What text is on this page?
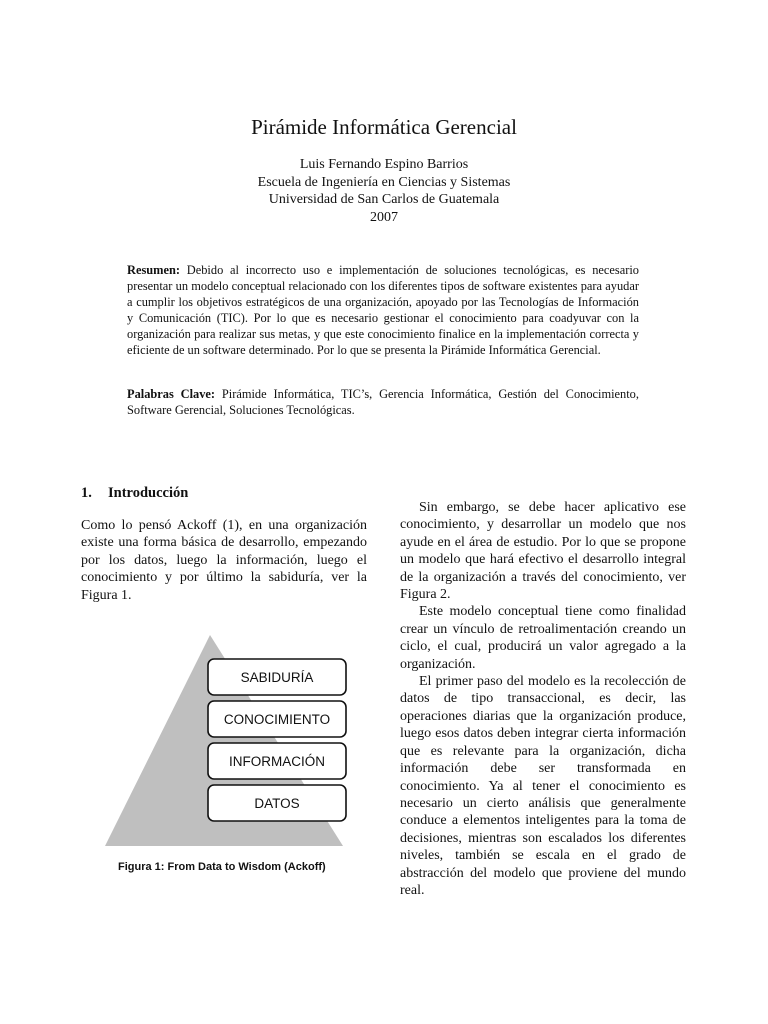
Pirámide Informática Gerencial
Luis Fernando Espino Barrios
Escuela de Ingeniería en Ciencias y Sistemas
Universidad de San Carlos de Guatemala
2007
Resumen: Debido al incorrecto uso e implementación de soluciones tecnológicas, es necesario presentar un modelo conceptual relacionado con los diferentes tipos de software existentes para ayudar a cumplir los objetivos estratégicos de una organización, apoyado por las Tecnologías de Información y Comunicación (TIC). Por lo que es necesario gestionar el conocimiento para coadyuvar con la organización para realizar sus metas, y que este conocimiento finalice en la implementación correcta y eficiente de un software determinado. Por lo que se presenta la Pirámide Informática Gerencial.
Palabras Clave: Pirámide Informática, TIC’s, Gerencia Informática, Gestión del Conocimiento, Software Gerencial, Soluciones Tecnológicas.
1. Introducción
Como lo pensó Ackoff (1), en una organización existe una forma básica de desarrollo, empezando por los datos, luego la información, luego el conocimiento y por último la sabiduría, ver la Figura 1.
SABIDURÍA
CONOCIMIENTO
INFORMACIÓN
DATOS
Figura 1: From Data to Wisdom (Ackoff)

Sin embargo, se debe hacer aplicativo ese conocimiento, y desarrollar un modelo que nos ayude en el área de estudio. Por lo que se propone un modelo que hará efectivo el desarrollo integral de la organización a través del conocimiento, ver Figura 2.

Este modelo conceptual tiene como finalidad crear un vínculo de retroalimentación creando un ciclo, el cual, producirá un valor agregado a la organización.

El primer paso del modelo es la recolección de datos de tipo transaccional, es decir, las operaciones diarias que la organización produce, luego esos datos deben integrar cierta información que es relevante para la organización, dicha información debe ser transformada en conocimiento. Ya al tener el conocimiento es necesario un cierto análisis que generalmente conduce a elementos inteligentes para la toma de decisiones, mientras son escalados los diferentes niveles, también se escala en el grado de abstracción del modelo que proviene del mundo real.
